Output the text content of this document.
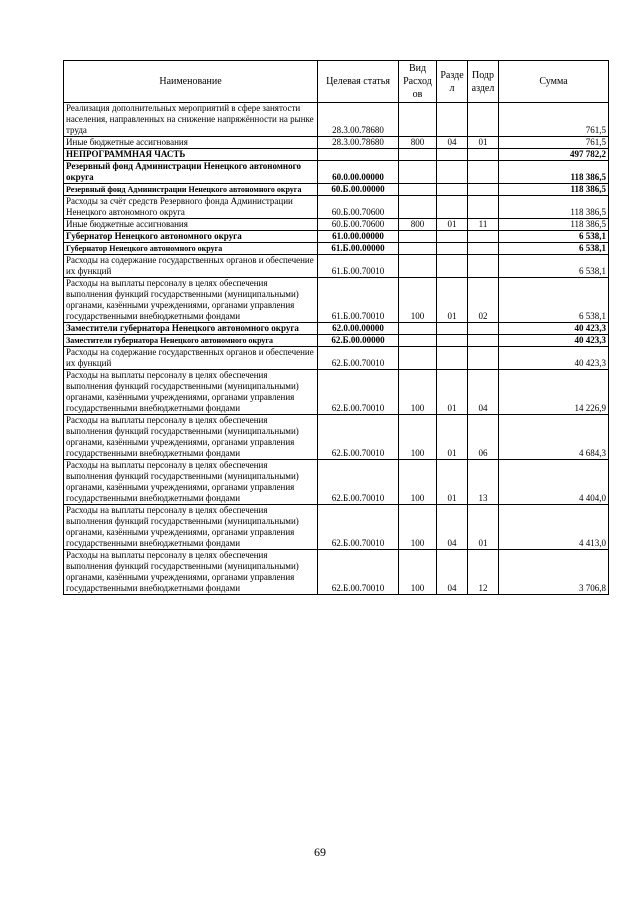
Наименование	Целевая статья	Вид Расход ов	Разде л	Подр аздел	Сумма
Реализация дополнительных мероприятий в сфере занятости населения, направленных на снижение напряжённости на рынке труда	28.3.00.78680				761,5
Иные бюджетные ассигнования	28.3.00.78680	800	04	01	761,5
НЕПРОГРАММНАЯ ЧАСТЬ					497 782,2
Резервный фонд Администрации Ненецкого автономного округа	60.0.00.00000				118 386,5
Резервный фонд Администрации Ненецкого автономного округа	60.Б.00.00000				118 386,5
Расходы за счёт средств Резервного фонда Администрации Ненецкого автономного округа	60.Б.00.70600				118 386,5
Иные бюджетные ассигнования	60.Б.00.70600	800	01	11	118 386,5
Губернатор Ненецкого автономного округа	61.0.00.00000				6 538,1
Губернатор Ненецкого автономного округа	61.Б.00.00000				6 538,1
Расходы на содержание государственных органов и обеспечение их функций	61.Б.00.70010				6 538,1
Расходы на выплаты персоналу в целях обеспечения выполнения функций государственными (муниципальными) органами, казёнными учреждениями, органами управления государственными внебюджетными фондами	61.Б.00.70010	100	01	02	6 538,1
Заместители губернатора Ненецкого автономного округа	62.0.00.00000				40 423,3
Заместители губернатора Ненецкого автономного округа	62.Б.00.00000				40 423,3
Расходы на содержание государственных органов и обеспечение их функций	62.Б.00.70010				40 423,3
Расходы на выплаты персоналу в целях обеспечения выполнения функций государственными (муниципальными) органами, казёнными учреждениями, органами управления государственными внебюджетными фондами	62.Б.00.70010	100	01	04	14 226,9
Расходы на выплаты персоналу в целях обеспечения выполнения функций государственными (муниципальными) органами, казёнными учреждениями, органами управления государственными внебюджетными фондами	62.Б.00.70010	100	01	06	4 684,3
Расходы на выплаты персоналу в целях обеспечения выполнения функций государственными (муниципальными) органами, казёнными учреждениями, органами управления государственными внебюджетными фондами	62.Б.00.70010	100	01	13	4 404,0
Расходы на выплаты персоналу в целях обеспечения выполнения функций государственными (муниципальными) органами, казёнными учреждениями, органами управления государственными внебюджетными фондами	62.Б.00.70010	100	04	01	4 413,0
Расходы на выплаты персоналу в целях обеспечения выполнения функций государственными (муниципальными) органами, казёнными учреждениями, органами управления государственными внебюджетными фондами	62.Б.00.70010	100	04	12	3 706,8
69
